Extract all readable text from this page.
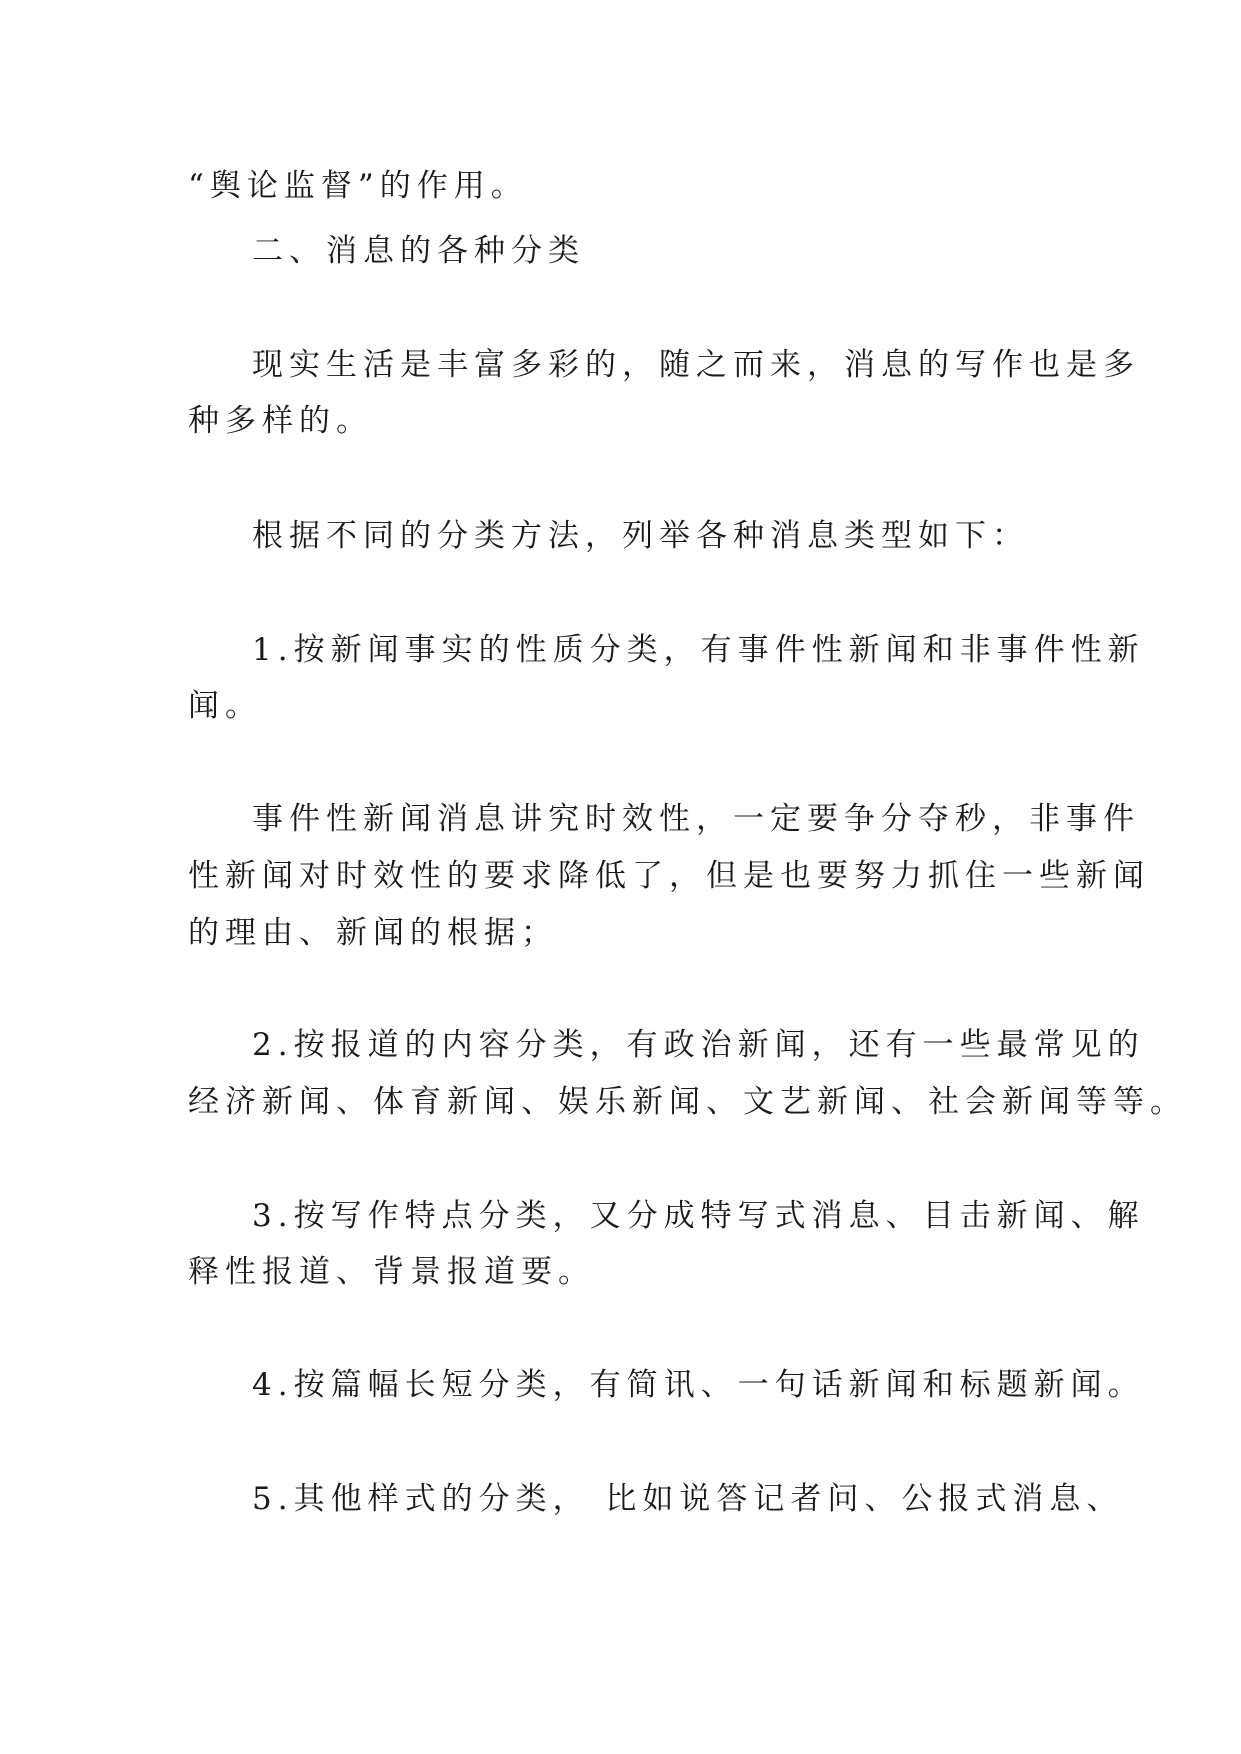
“舆论监督”的作用。
二、消息的各种分类
现实生活是丰富多彩的，随之而来，消息的写作也是多
种多样的。
根据不同的分类方法，列举各种消息类型如下：
1.按新闻事实的性质分类，有事件性新闻和非事件性新
闻。
事件性新闻消息讲究时效性，一定要争分夺秒，非事件
性新闻对时效性的要求降低了，但是也要努力抓住一些新闻
的理由、新闻的根据；
2.按报道的内容分类，有政治新闻，还有一些最常见的
经济新闻、体育新闻、娱乐新闻、文艺新闻、社会新闻等等。
3.按写作特点分类，又分成特写式消息、目击新闻、解
释性报道、背景报道要。
4.按篇幅长短分类，有简讯、一句话新闻和标题新闻。
5.其他样式的分类， 比如说答记者问、公报式消息、
